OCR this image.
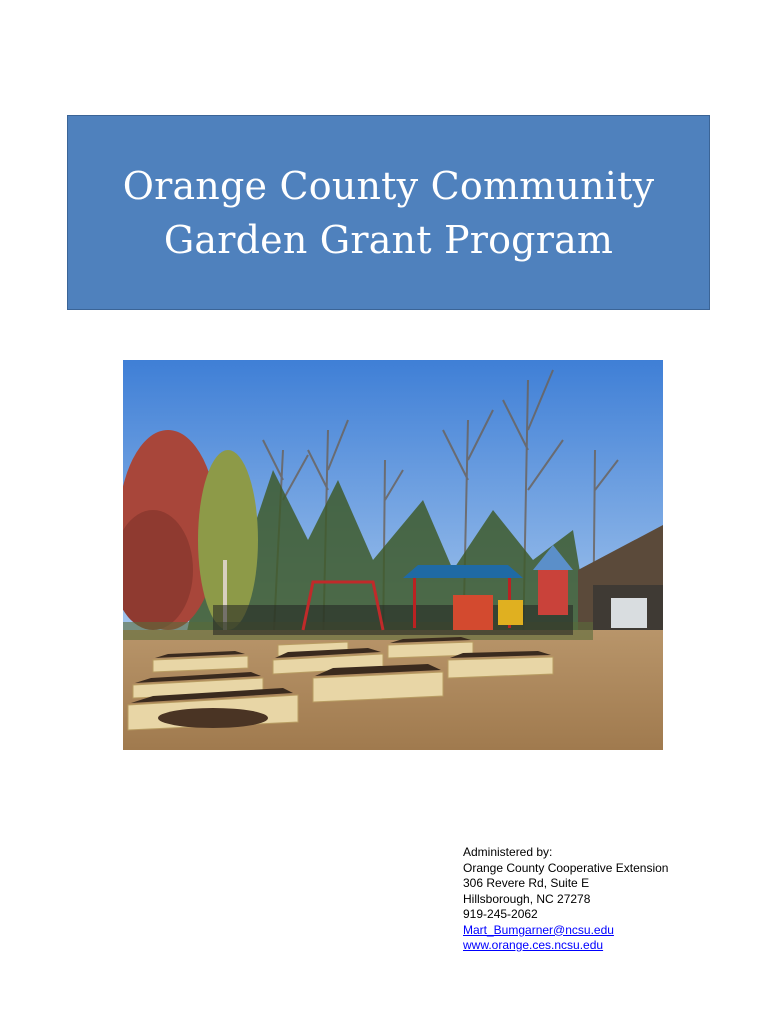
Orange County Community
Garden Grant Program
Administered by:
Orange County Cooperative Extension
306 Revere Rd, Suite E
Hillsborough, NC 27278
919-245-2062
Mart_Bumgarner@ncsu.edu
www.orange.ces.ncsu.edu
